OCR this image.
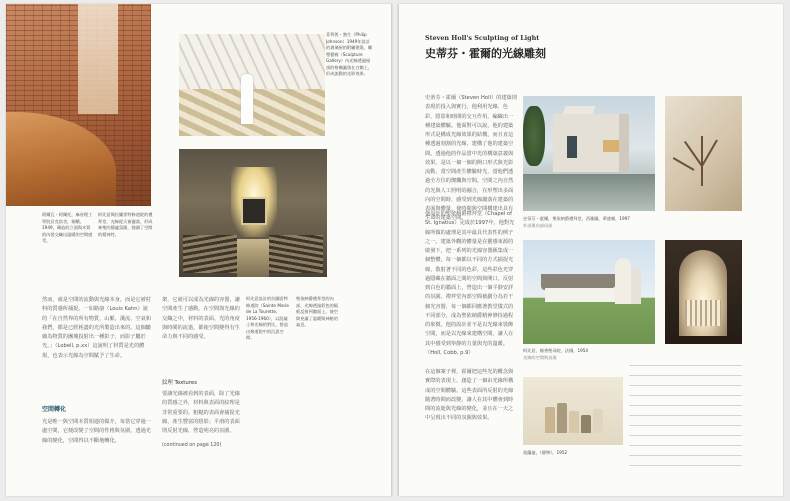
菲利普・強生（Philip Johnson）1949年設計的玻璃屋的附屬建築，雕塑藝廊（Sculpture Gallery）內光線透過屋頂的格柵灑落在白牆上，形成流動的光影效果。
阿爾瓦・阿爾托，麻省理工學院貝克宿舍，劍橋，1949，磚造的立面與木質的內裝交織出溫暖的空間感受。
柯比意與拉圖雷特修道院的禮拜堂，光線從天窗灑落，形成神聖的靜謐氛圍，強調了空間的精神性。
然而，就是空間的流動與光線本身，而是它被村料的質感所捕捉。一如路康（Louis Kahn）說的「在自然界的所有物質，山脈、溪流、空氣和我們，都是已經耗盡的光所製造出來的。這個皺縮為物質的團塊投射出一種影子，而影子屬於光。」（Lobell, p.xx）這說明了材質是光的體現，也表示光線為空間賦予了生命。
空間轉化
光是唯一與空間本質相連的媒介，每當它穿過一處空間，它便改變了空間的性格與氛圍，透過光線的變化，空間得以不斷地轉化。
架，它就可以成為光線的容器，讓空間產生了感動。在空間與光線的交織之中，材料的表面、光的角度與時間的流逝，都使空間變得有生命力與不同的感受。
紋理 Textures
要讓光線被看到的表面，除了光線的質感之外，材料與表面的紋理是非常重要的。粗糙的表面會捕捉光線，產生豐富的陰影；平滑的表面則反射光線，營造明亮的氛圍。
(continued on page 120)
柯比意設計的拉圖雷特修道院（Sainte Marie de La Tourette, 1956-1960），以混凝土和光線的對比，營造出修道院中的沉思空間。
聖依納爵禮拜堂的內部，光線透過彩色的隔板反射到牆面上，使空間充滿了溫暖與神秘的氣息。
Steven Holl's Sculpting of Light
史蒂芬・霍爾的光線雕刻
史蒂芬・霍爾（Steven Holl）的建築則表現於投入與實行，他利用光線、色彩、陰影和時間的交互作用，編織出一種建築體驗。他面對可以說，他的建築形式是構成光線效果的結構，而且直這種透過刻割的光線，建構了他的建築空間。透過他的作品當中光的構築意義與效果，是以一個一個的開口形式與光影流動，當空間產生體驗時光，當他們透過全方位的燦爛與空間。空間之內自然的光與人工照明的融合，在形塑出多面向的空間時，感受到光線灑落在建築的表面與體量，使時間與空間構建出具有生命的建築空間。
他設計的聖依納爵禮拜堂（Chapel of St. Ignatius）完成於1997年，他對光線所做的處理是其中最具代表性的例子之一。建築外觀的體量是在靈感來源的啟發下，把一系列的光線容器匯集成一個整體，每一個都以不同的方式捕捉光線，散射著不同的色彩。這些彩色光穿過隱藏在牆面之間的空間與開口，反射到白色的牆面上，營造出一個平靜安詳的氛圍。禮拜堂內部空間被劃分為若干個光容器，每一個都回應著教堂儀式的不同部分，成為聖依納爵精神修持過程的象徵。他的設計並不是以光線來裝飾空間，而是以光線來建構空間，讓人在其中感受到寧靜的力量與光的溫暖。（Holl, Cobb, p.9）
在這個案子裡，霍爾把這些光的概念與實際的表現上，創造了一個由光線所構成的空間體驗。這些表面所反射的光線隨著時間而改變，讓人在其中體會到時間的流逝與光線的變化，並且在一天之中呈現出不同的氛圍與效果。
史蒂芬・霍爾，聖依納爵禮拜堂，西雅圖，華盛頓，1997
外部與內部局部
柯比意，廊香聖母院，法國，1954
光線的空間與表現
莫蘭迪，《靜物》，1952
